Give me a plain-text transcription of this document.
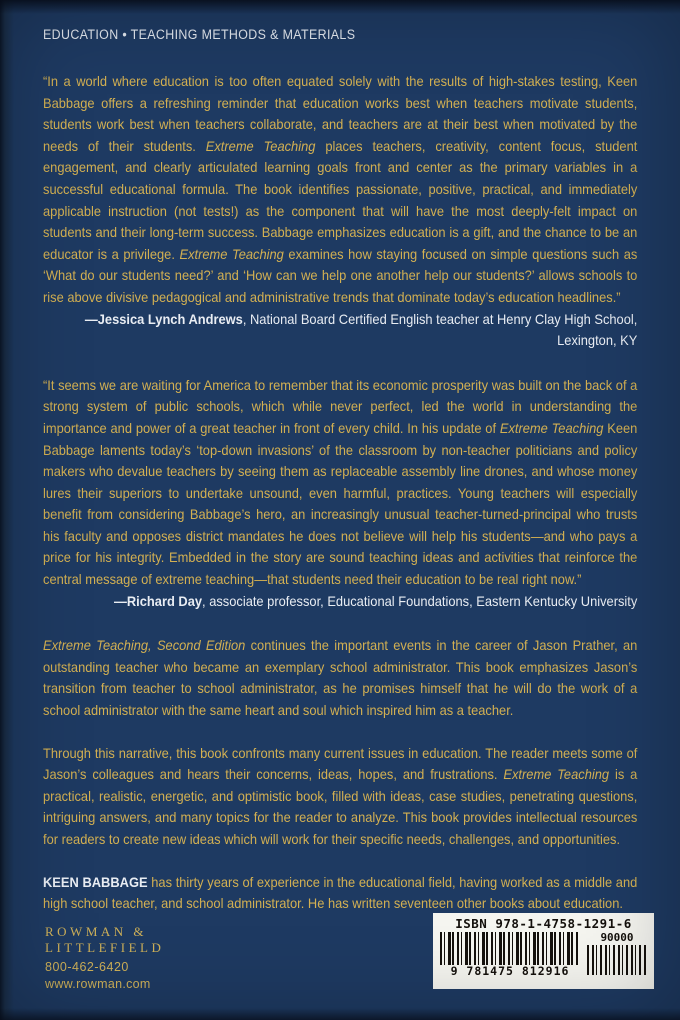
EDUCATION • TEACHING METHODS & MATERIALS

“In a world where education is too often equated solely with the results of high-stakes testing, Keen Babbage offers a refreshing reminder that education works best when teachers motivate students, students work best when teachers collaborate, and teachers are at their best when motivated by the needs of their students. Extreme Teaching places teachers, creativity, content focus, student engagement, and clearly articulated learning goals front and center as the primary variables in a successful educational formula. The book identifies passionate, positive, practical, and immediately applicable instruction (not tests!) as the component that will have the most deeply-felt impact on students and their long-term success. Babbage emphasizes education is a gift, and the chance to be an educator is a privilege. Extreme Teaching examines how staying focused on simple questions such as ‘What do our students need?’ and ‘How can we help one another help our students?’ allows schools to rise above divisive pedagogical and administrative trends that dominate today’s education headlines.”

—Jessica Lynch Andrews, National Board Certified English teacher at Henry Clay High School, Lexington, KY

“It seems we are waiting for America to remember that its economic prosperity was built on the back of a strong system of public schools, which while never perfect, led the world in understanding the importance and power of a great teacher in front of every child. In his update of Extreme Teaching Keen Babbage laments today’s ‘top-down invasions’ of the classroom by non-teacher politicians and policy makers who devalue teachers by seeing them as replaceable assembly line drones, and whose money lures their superiors to undertake unsound, even harmful, practices. Young teachers will especially benefit from considering Babbage’s hero, an increasingly unusual teacher-turned-principal who trusts his faculty and opposes district mandates he does not believe will help his students—and who pays a price for his integrity. Embedded in the story are sound teaching ideas and activities that reinforce the central message of extreme teaching—that students need their education to be real right now.”

—Richard Day, associate professor, Educational Foundations, Eastern Kentucky University

Extreme Teaching, Second Edition continues the important events in the career of Jason Prather, an outstanding teacher who became an exemplary school administrator. This book emphasizes Jason’s transition from teacher to school administrator, as he promises himself that he will do the work of a school administrator with the same heart and soul which inspired him as a teacher.

Through this narrative, this book confronts many current issues in education. The reader meets some of Jason’s colleagues and hears their concerns, ideas, hopes, and frustrations. Extreme Teaching is a practical, realistic, energetic, and optimistic book, filled with ideas, case studies, penetrating questions, intriguing answers, and many topics for the reader to analyze. This book provides intellectual resources for readers to create new ideas which will work for their specific needs, challenges, and opportunities.

KEEN BABBAGE has thirty years of experience in the educational field, having worked as a middle and high school teacher, and school administrator. He has written seventeen other books about education.

ROWMAN &
LITTLEFIELD
800-462-6420
www.rowman.com
ISBN 978-1-4758-1291-6
9 781475 812916
90000
